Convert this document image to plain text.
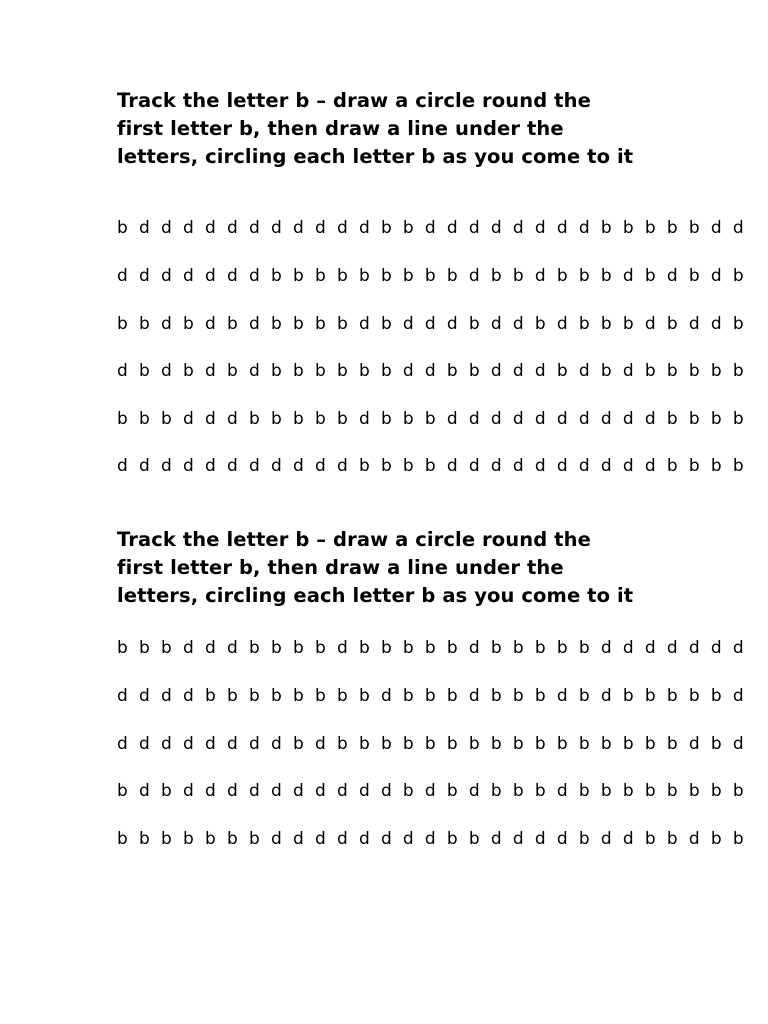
Track the letter b – draw a circle round the
first letter b, then draw a line under the
letters, circling each letter b as you come to it
b d d d d d d d d d d d b b d d d d d d d d b b b b b d d
d d d d d d d b b b b b b b b b d b b d b b b d b d b d b
b b d b d b d b b b b d b d d d b d d b d b b b d b d d b
d b d b d b d b b b b b b d d b b d d d b d b d b b b b b
b b b d d d b b b b b d b b b d d d d d d d d d d b b b b
d d d d d d d d d d d b b b b d d d d d d d d d d b b b b
Track the letter b – draw a circle round the
first letter b, then draw a line under the
letters, circling each letter b as you come to it
b b b d d d b b b b d b b b b b d b b b b b d d d d d d d
d d d d b b b b b b b b d b b b d b b b d b d b b b b b d
d d d d d d d d b d b b b b b b b b b b b b b b b b d b d
b d b d d d d d d d d d d b d b d b b b d b b b b b b b b
b b b b b b b d d d d d d d d b b d d d d b d d b b d b b
